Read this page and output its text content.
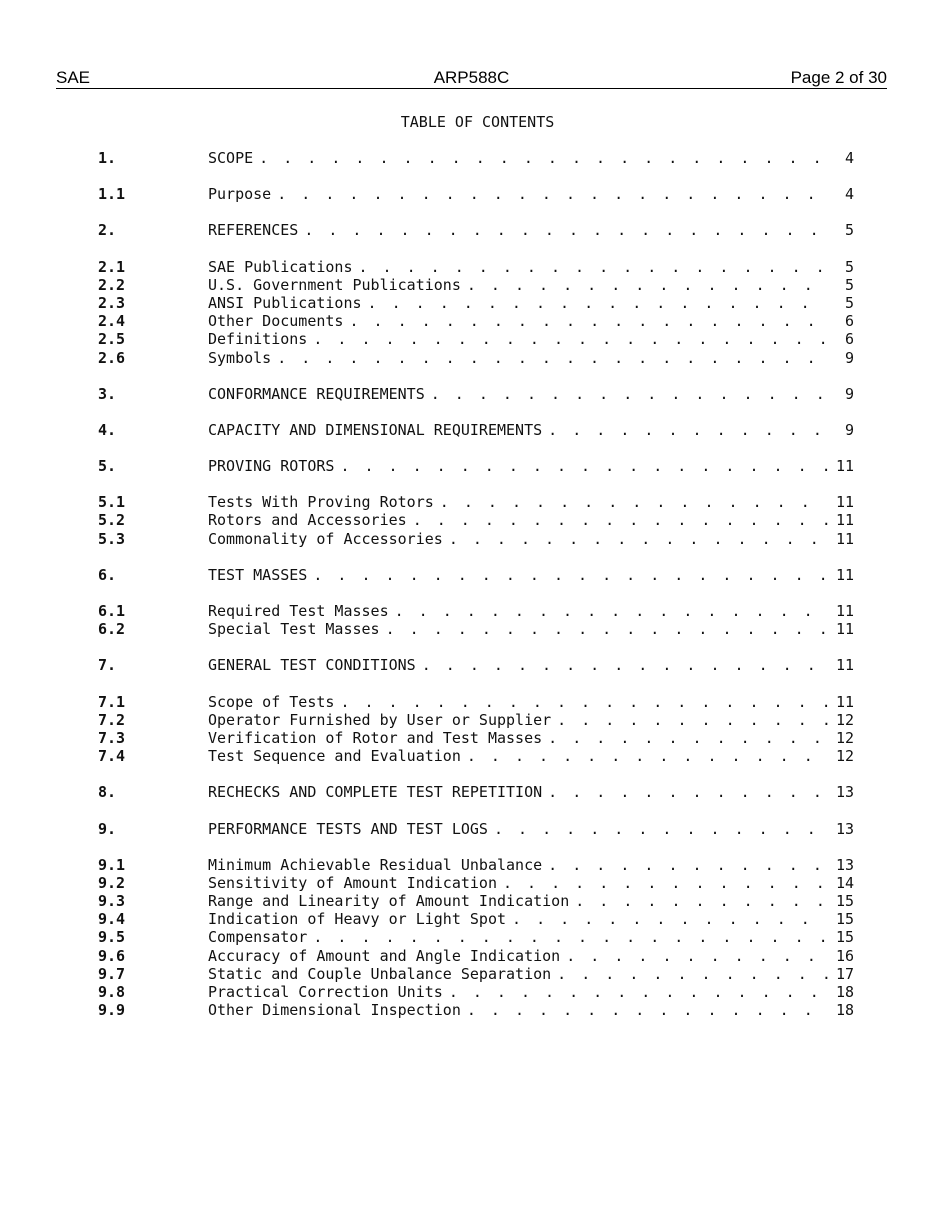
SAE	ARP588C	Page 2 of 30
TABLE OF CONTENTS
1.	SCOPE . . .	4
1.1	Purpose . . .	4
2.	REFERENCES . . .	5
2.1	SAE Publications . . .	5
2.2	U.S. Government Publications . . .	5
2.3	ANSI Publications . . .	5
2.4	Other Documents . . .	6
2.5	Definitions . . .	6
2.6	Symbols . . .	9
3.	CONFORMANCE REQUIREMENTS . . .	9
4.	CAPACITY AND DIMENSIONAL REQUIREMENTS . . .	9
5.	PROVING ROTORS . . .	11
5.1	Tests With Proving Rotors . . .	11
5.2	Rotors and Accessories . . .	11
5.3	Commonality of Accessories . . .	11
6.	TEST MASSES . . .	11
6.1	Required Test Masses . . .	11
6.2	Special Test Masses . . .	11
7.	GENERAL TEST CONDITIONS . . .	11
7.1	Scope of Tests . . .	11
7.2	Operator Furnished by User or Supplier . . .	12
7.3	Verification of Rotor and Test Masses . . .	12
7.4	Test Sequence and Evaluation . . .	12
8.	RECHECKS AND COMPLETE TEST REPETITION . . .	13
9.	PERFORMANCE TESTS AND TEST LOGS . . .	13
9.1	Minimum Achievable Residual Unbalance . . .	13
9.2	Sensitivity of Amount Indication . . .	14
9.3	Range and Linearity of Amount Indication . . .	15
9.4	Indication of Heavy or Light Spot . . .	15
9.5	Compensator . . .	15
9.6	Accuracy of Amount and Angle Indication . . .	16
9.7	Static and Couple Unbalance Separation . . .	17
9.8	Practical Correction Units . . .	18
9.9	Other Dimensional Inspection . . .	18
